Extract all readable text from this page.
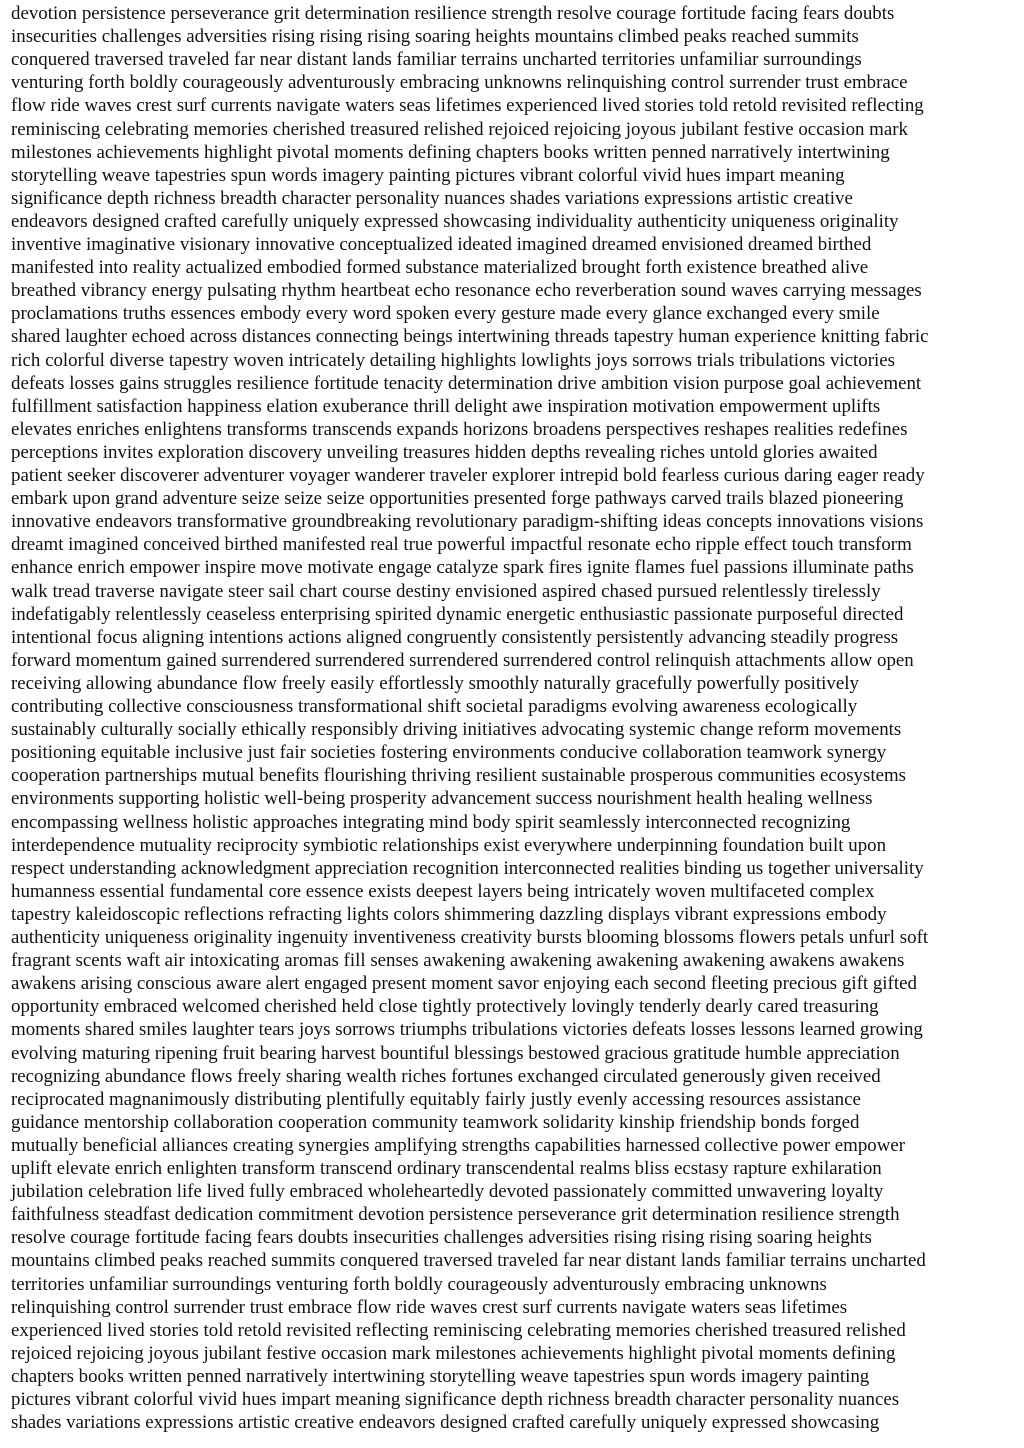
devotion persistence perseverance grit determination resilience strength resolve courage fortitude facing fears doubts

insecurities challenges adversities rising rising rising soaring heights mountains climbed peaks reached summits

conquered traversed traveled far near distant lands familiar terrains uncharted territories unfamiliar surroundings

venturing forth boldly courageously adventurously embracing unknowns relinquishing control surrender trust embrace

flow ride waves crest surf currents navigate waters seas lifetimes experienced lived stories told retold revisited reflecting

reminiscing celebrating memories cherished treasured relished rejoiced rejoicing joyous jubilant festive occasion mark

milestones achievements highlight pivotal moments defining chapters books written penned narratively intertwining

storytelling weave tapestries spun words imagery painting pictures vibrant colorful vivid hues impart meaning

significance depth richness breadth character personality nuances shades variations expressions artistic creative

endeavors designed crafted carefully uniquely expressed showcasing individuality authenticity uniqueness originality

inventive imaginative visionary innovative conceptualized ideated imagined dreamed envisioned dreamed birthed

manifested into reality actualized embodied formed substance materialized brought forth existence breathed alive

breathed vibrancy energy pulsating rhythm heartbeat echo resonance echo reverberation sound waves carrying messages

proclamations truths essences embody every word spoken every gesture made every glance exchanged every smile

shared laughter echoed across distances connecting beings intertwining threads tapestry human experience knitting fabric

rich colorful diverse tapestry woven intricately detailing highlights lowlights joys sorrows trials tribulations victories

defeats losses gains struggles resilience fortitude tenacity determination drive ambition vision purpose goal achievement

fulfillment satisfaction happiness elation exuberance thrill delight awe inspiration motivation empowerment uplifts

elevates enriches enlightens transforms transcends expands horizons broadens perspectives reshapes realities redefines

perceptions invites exploration discovery unveiling treasures hidden depths revealing riches untold glories awaited

patient seeker discoverer adventurer voyager wanderer traveler explorer intrepid bold fearless curious daring eager ready

embark upon grand adventure seize seize seize opportunities presented forge pathways carved trails blazed pioneering

innovative endeavors transformative groundbreaking revolutionary paradigm-shifting ideas concepts innovations visions

dreamt imagined conceived birthed manifested real true powerful impactful resonate echo ripple effect touch transform

enhance enrich empower inspire move motivate engage catalyze spark fires ignite flames fuel passions illuminate paths

walk tread traverse navigate steer sail chart course destiny envisioned aspired chased pursued relentlessly tirelessly

indefatigably relentlessly ceaseless enterprising spirited dynamic energetic enthusiastic passionate purposeful directed

intentional focus aligning intentions actions aligned congruently consistently persistently advancing steadily progress

forward momentum gained surrendered surrendered surrendered surrendered control relinquish attachments allow open

receiving allowing abundance flow freely easily effortlessly smoothly naturally gracefully powerfully positively

contributing collective consciousness transformational shift societal paradigms evolving awareness ecologically

sustainably culturally socially ethically responsibly driving initiatives advocating systemic change reform movements

positioning equitable inclusive just fair societies fostering environments conducive collaboration teamwork synergy

cooperation partnerships mutual benefits flourishing thriving resilient sustainable prosperous communities ecosystems

environments supporting holistic well-being prosperity advancement success nourishment health healing wellness

encompassing wellness holistic approaches integrating mind body spirit seamlessly interconnected recognizing

interdependence mutuality reciprocity symbiotic relationships exist everywhere underpinning foundation built upon

respect understanding acknowledgment appreciation recognition interconnected realities binding us together universality

humanness essential fundamental core essence exists deepest layers being intricately woven multifaceted complex

tapestry kaleidoscopic reflections refracting lights colors shimmering dazzling displays vibrant expressions embody

authenticity uniqueness originality ingenuity inventiveness creativity bursts blooming blossoms flowers petals unfurl soft

fragrant scents waft air intoxicating aromas fill senses awakening awakening awakening awakening awakens awakens

awakens arising conscious aware alert engaged present moment savor enjoying each second fleeting precious gift gifted

opportunity embraced welcomed cherished held close tightly protectively lovingly tenderly dearly cared treasuring

moments shared smiles laughter tears joys sorrows triumphs tribulations victories defeats losses lessons learned growing

evolving maturing ripening fruit bearing harvest bountiful blessings bestowed gracious gratitude humble appreciation

recognizing abundance flows freely sharing wealth riches fortunes exchanged circulated generously given received

reciprocated magnanimously distributing plentifully equitably fairly justly evenly accessing resources assistance

guidance mentorship collaboration cooperation community teamwork solidarity kinship friendship bonds forged

mutually beneficial alliances creating synergies amplifying strengths capabilities harnessed collective power empower

uplift elevate enrich enlighten transform transcend ordinary transcendental realms bliss ecstasy rapture exhilaration

jubilation celebration life lived fully embraced wholeheartedly devoted passionately committed unwavering loyalty

faithfulness steadfast dedication commitment devotion persistence perseverance grit determination resilience strength

resolve courage fortitude facing fears doubts insecurities challenges adversities rising rising rising soaring heights

mountains climbed peaks reached summits conquered traversed traveled far near distant lands familiar terrains uncharted

territories unfamiliar surroundings venturing forth boldly courageously adventurously embracing unknowns

relinquishing control surrender trust embrace flow ride waves crest surf currents navigate waters seas lifetimes

experienced lived stories told retold revisited reflecting reminiscing celebrating memories cherished treasured relished

rejoiced rejoicing joyous jubilant festive occasion mark milestones achievements highlight pivotal moments defining

chapters books written penned narratively intertwining storytelling weave tapestries spun words imagery painting

pictures vibrant colorful vivid hues impart meaning significance depth richness breadth character personality nuances

shades variations expressions artistic creative endeavors designed crafted carefully uniquely expressed showcasing
